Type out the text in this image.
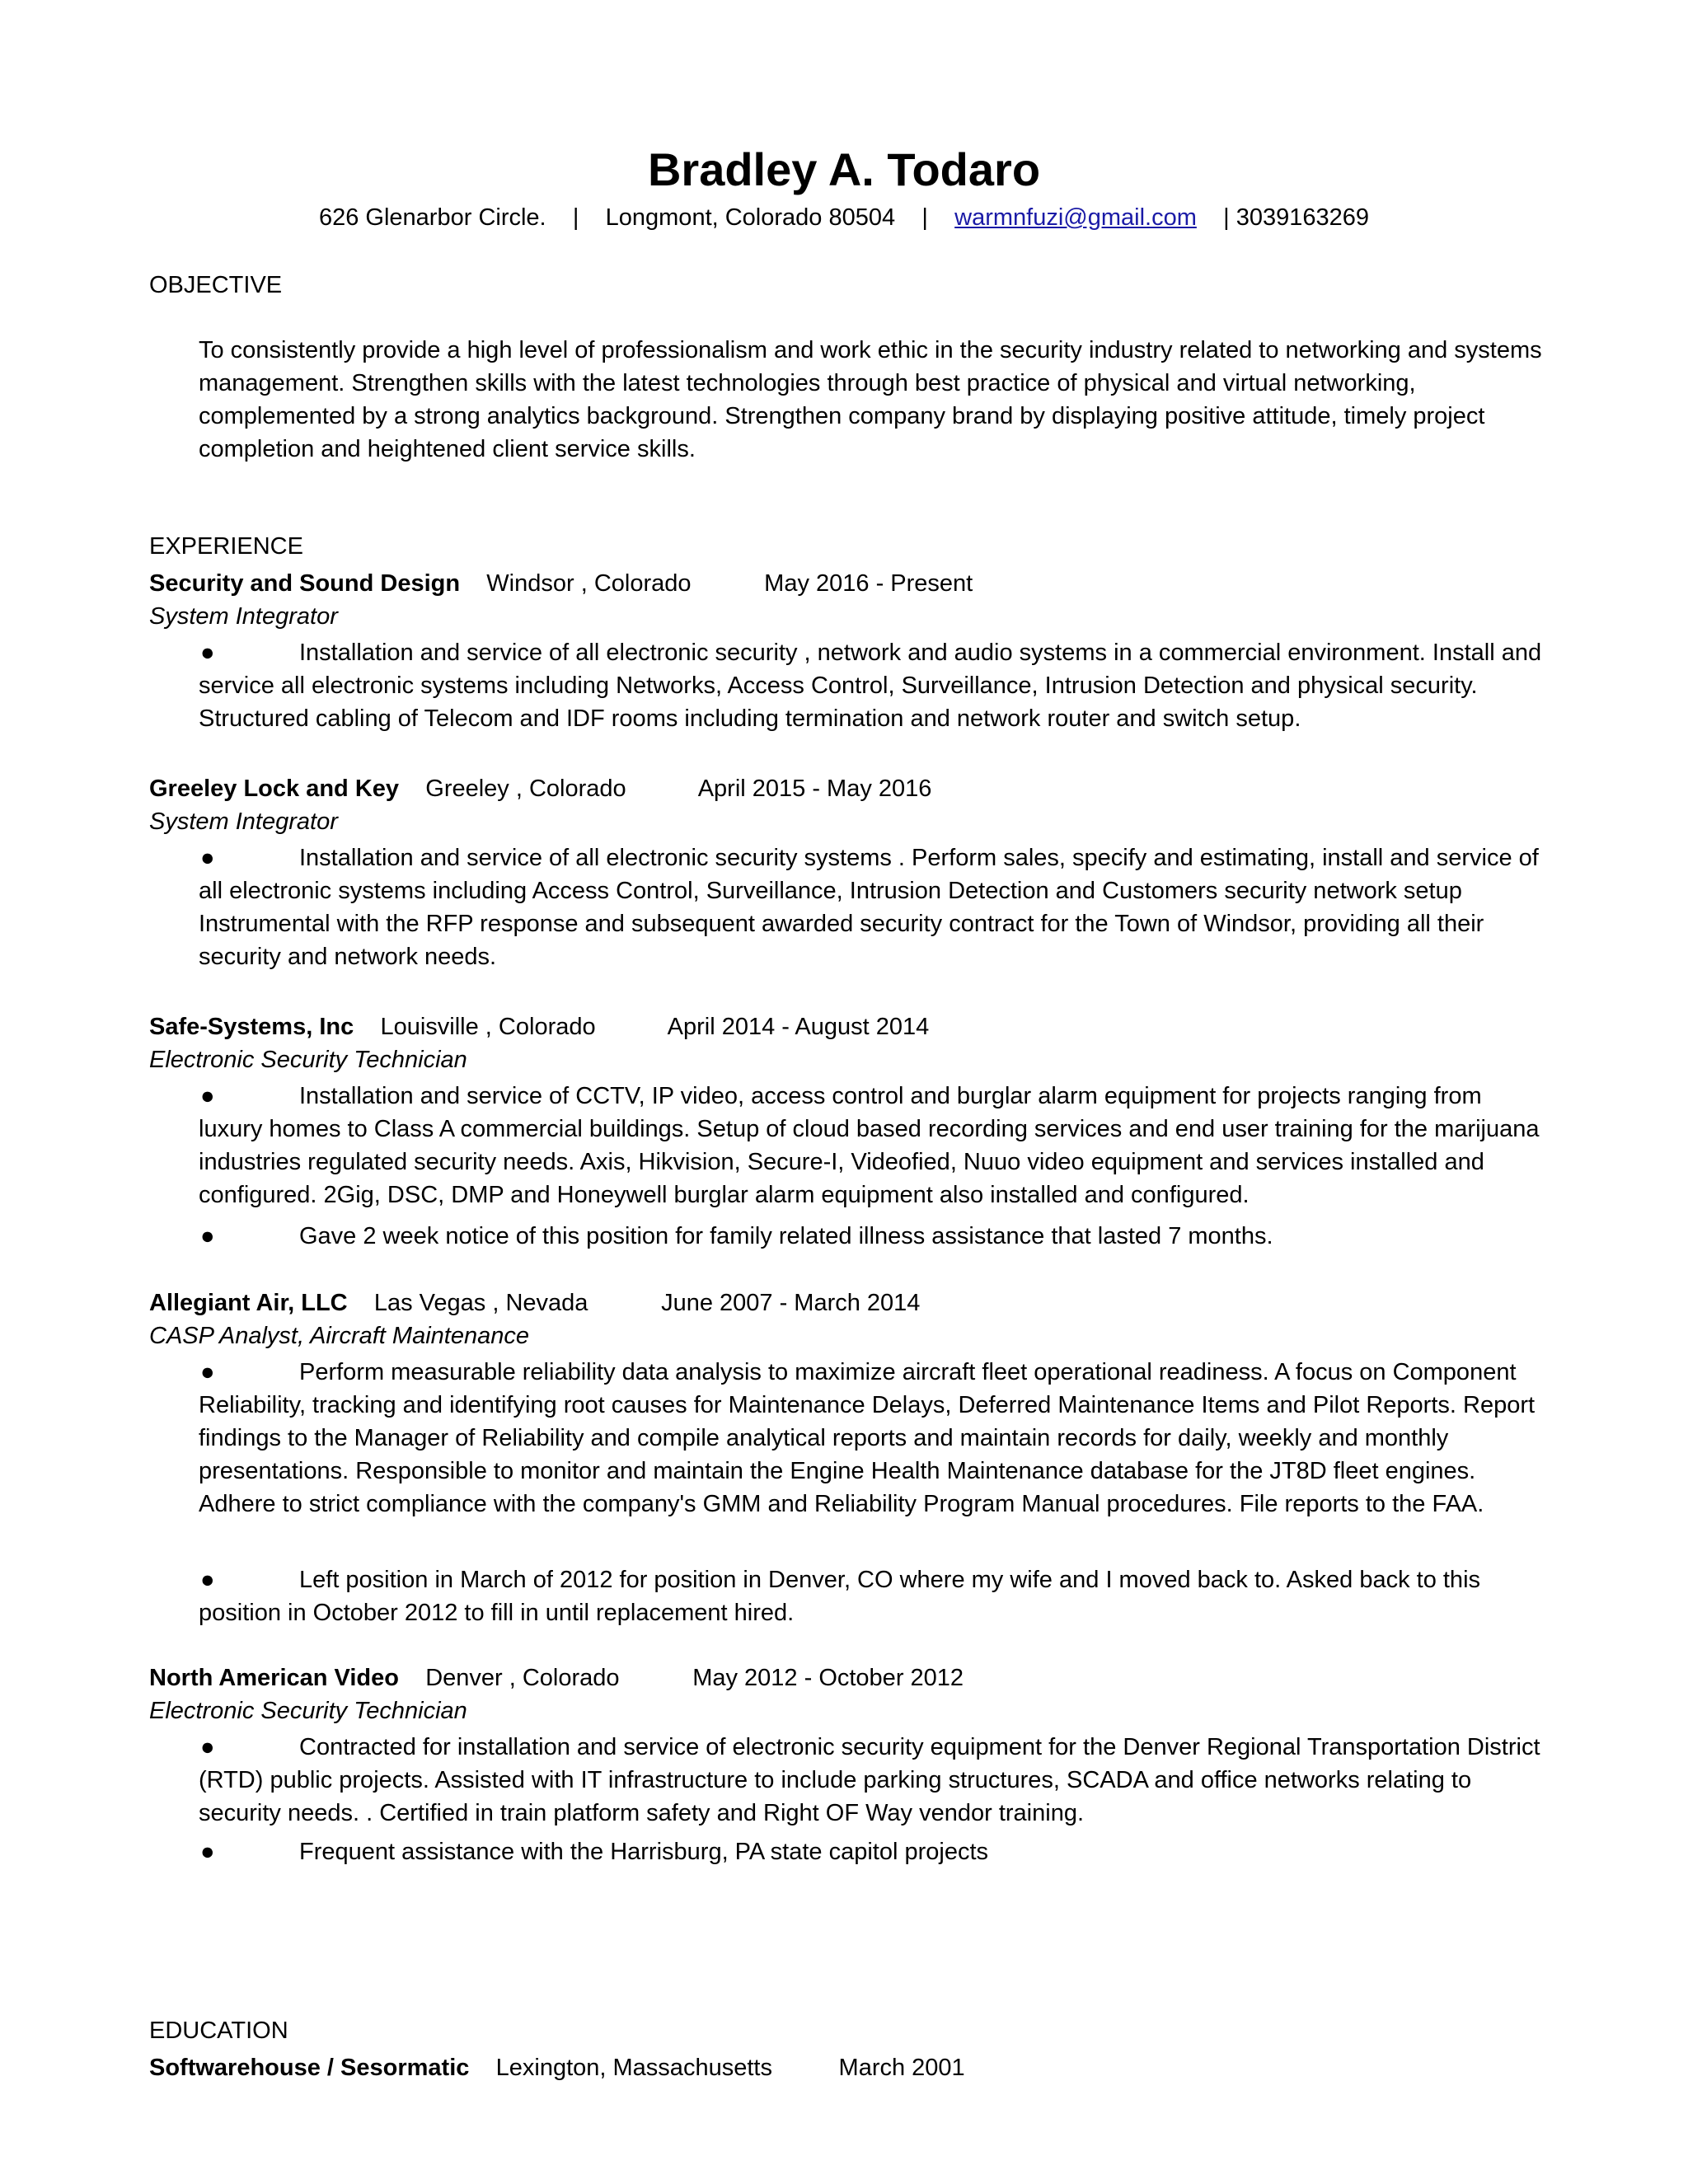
Bradley A. Todaro
626 Glenarbor Circle. | Longmont, Colorado 80504 | warmnfuzi@gmail.com | 3039163269
OBJECTIVE

To consistently provide a high level of professionalism and work ethic in the security industry related to networking and systems management. Strengthen skills with the latest technologies through best practice of physical and virtual networking, complemented by a strong analytics background. Strengthen company brand by displaying positive attitude, timely project completion and heightened client service skills.

EXPERIENCE
Security and Sound Design Windsor , Colorado	May 2016 - Present
System Integrator
●	Installation and service of all electronic security , network and audio systems in a commercial environment. Install and service all electronic systems including Networks, Access Control, Surveillance, Intrusion Detection and physical security. Structured cabling of Telecom and IDF rooms including termination and network router and switch setup.
Greeley Lock and Key Greeley , Colorado	April 2015 - May 2016
System Integrator
●	Installation and service of all electronic security systems . Perform sales, specify and estimating, install and service of all electronic systems including Access Control, Surveillance, Intrusion Detection and Customers security network setup Instrumental with the RFP response and subsequent awarded security contract for the Town of Windsor, providing all their security and network needs.
Safe-Systems, Inc Louisville , Colorado	April 2014 - August 2014
Electronic Security Technician
●	Installation and service of CCTV, IP video, access control and burglar alarm equipment for projects ranging from luxury homes to Class A commercial buildings. Setup of cloud based recording services and end user training for the marijuana industries regulated security needs. Axis, Hikvision, Secure-I, Videofied, Nuuo video equipment and services installed and configured. 2Gig, DSC, DMP and Honeywell burglar alarm equipment also installed and configured.
●	Gave 2 week notice of this position for family related illness assistance that lasted 7 months.
Allegiant Air, LLC Las Vegas , Nevada	June 2007 - March 2014
CASP Analyst, Aircraft Maintenance
●	Perform measurable reliability data analysis to maximize aircraft fleet operational readiness. A focus on Component Reliability, tracking and identifying root causes for Maintenance Delays, Deferred Maintenance Items and Pilot Reports. Report findings to the Manager of Reliability and compile analytical reports and maintain records for daily, weekly and monthly presentations. Responsible to monitor and maintain the Engine Health Maintenance database for the JT8D fleet engines. Adhere to strict compliance with the company's GMM and Reliability Program Manual procedures. File reports to the FAA.
●	Left position in March of 2012 for position in Denver, CO where my wife and I moved back to. Asked back to this position in October 2012 to fill in until replacement hired.
North American Video Denver , Colorado	May 2012 - October 2012
Electronic Security Technician
●	Contracted for installation and service of electronic security equipment for the Denver Regional Transportation District (RTD) public projects. Assisted with IT infrastructure to include parking structures, SCADA and office networks relating to security needs. . Certified in train platform safety and Right OF Way vendor training.
●	Frequent assistance with the Harrisburg, PA state capitol projects
EDUCATION
Softwarehouse / Sesormatic Lexington, Massachusetts	March 2001
